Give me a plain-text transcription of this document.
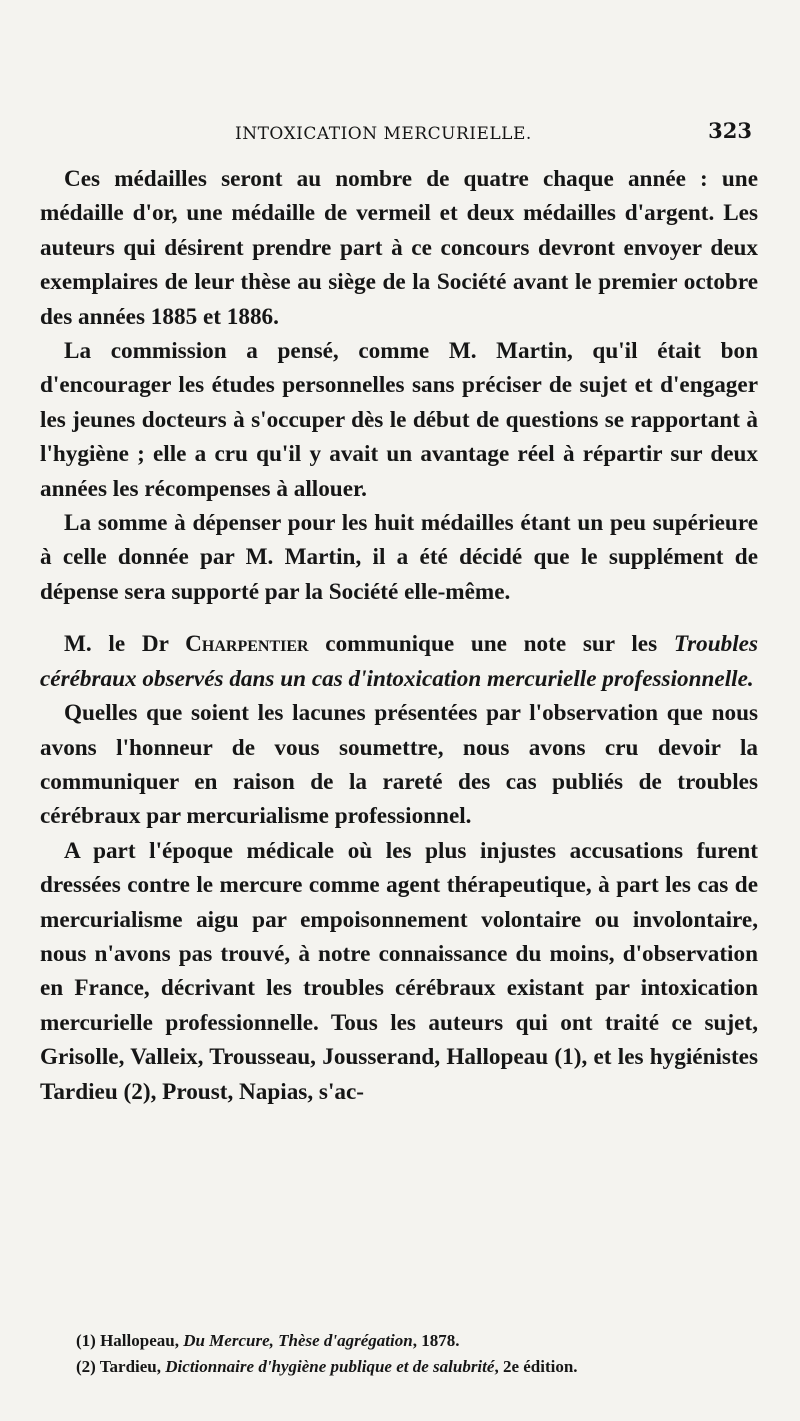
INTOXICATION MERCURIELLE.	323

Ces médailles seront au nombre de quatre chaque année : une médaille d'or, une médaille de vermeil et deux médailles d'argent. Les auteurs qui désirent prendre part à ce concours devront envoyer deux exemplaires de leur thèse au siège de la Société avant le premier octobre des années 1885 et 1886.

La commission a pensé, comme M. Martin, qu'il était bon d'encourager les études personnelles sans préciser de sujet et d'engager les jeunes docteurs à s'occuper dès le début de questions se rapportant à l'hygiène ; elle a cru qu'il y avait un avantage réel à répartir sur deux années les récompenses à allouer.

La somme à dépenser pour les huit médailles étant un peu supérieure à celle donnée par M. Martin, il a été décidé que le supplément de dépense sera supporté par la Société elle-même.

M. le Dr Charpentier communique une note sur les Troubles cérébraux observés dans un cas d'intoxication mercurielle professionnelle.

Quelles que soient les lacunes présentées par l'observation que nous avons l'honneur de vous soumettre, nous avons cru devoir la communiquer en raison de la rareté des cas publiés de troubles cérébraux par mercurialisme professionnel.

A part l'époque médicale où les plus injustes accusations furent dressées contre le mercure comme agent thérapeutique, à part les cas de mercurialisme aigu par empoisonnement volontaire ou involontaire, nous n'avons pas trouvé, à notre connaissance du moins, d'observation en France, décrivant les troubles cérébraux existant par intoxication mercurielle professionnelle. Tous les auteurs qui ont traité ce sujet, Grisolle, Valleix, Trousseau, Jousserand, Hallopeau (1), et les hygiénistes Tardieu (2), Proust, Napias, s'ac-

(1) Hallopeau, Du Mercure, Thèse d'agrégation, 1878.

(2) Tardieu, Dictionnaire d'hygiène publique et de salubrité, 2e édition.
